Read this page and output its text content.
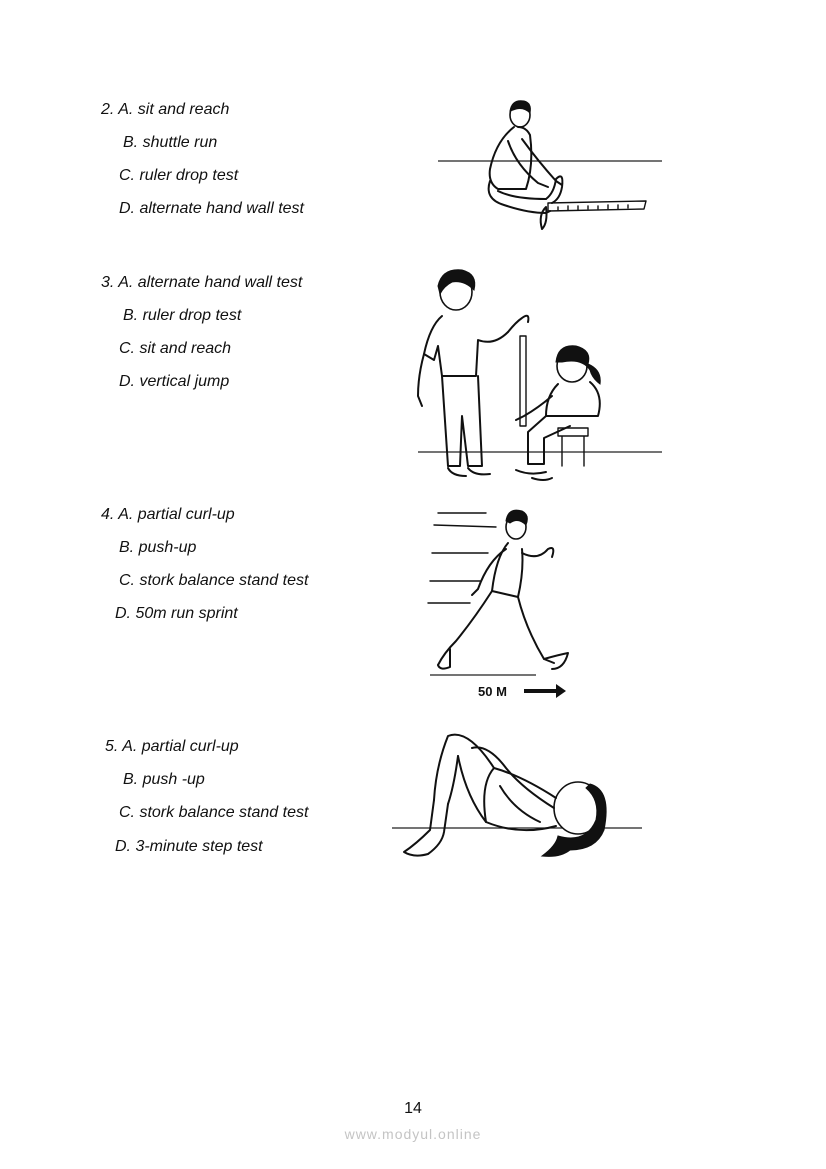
2. A. sit and reach
B. shuttle run
C. ruler drop test
D. alternate hand wall test
3. A. alternate hand wall test
B. ruler drop test
C. sit and reach
D. vertical jump
4. A. partial curl-up
B. push-up
C. stork balance stand test
D. 50m run sprint
50 M
5. A. partial curl-up
B. push -up
C. stork balance stand test
D. 3-minute step test
14
www.modyul.online
